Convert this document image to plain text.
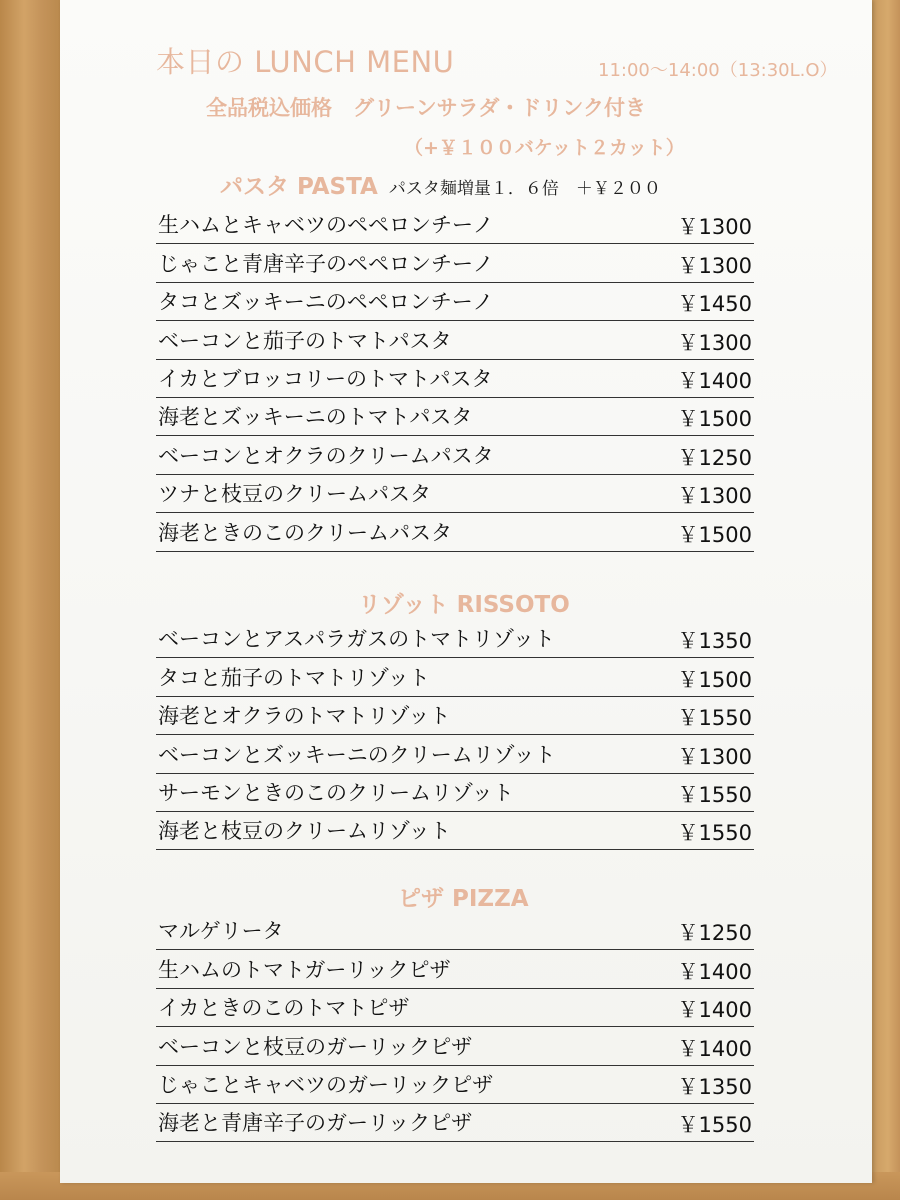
本日の LUNCH MENU	11:00～14:00（13:30L.O）
全品税込価格　グリーンサラダ・ドリンク付き
（+￥１００バケット２カット）
パスタ PASTA パスタ麺増量１．６倍　＋￥２００
生ハムとキャベツのペペロンチーノ	￥1300
じゃこと青唐辛子のペペロンチーノ	￥1300
タコとズッキーニのペペロンチーノ	￥1450
ベーコンと茄子のトマトパスタ	￥1300
イカとブロッコリーのトマトパスタ	￥1400
海老とズッキーニのトマトパスタ	￥1500
ベーコンとオクラのクリームパスタ	￥1250
ツナと枝豆のクリームパスタ	￥1300
海老ときのこのクリームパスタ	￥1500
リゾット RISSOTO
ベーコンとアスパラガスのトマトリゾット	￥1350
タコと茄子のトマトリゾット	￥1500
海老とオクラのトマトリゾット	￥1550
ベーコンとズッキーニのクリームリゾット	￥1300
サーモンときのこのクリームリゾット	￥1550
海老と枝豆のクリームリゾット	￥1550
ピザ PIZZA
マルゲリータ	￥1250
生ハムのトマトガーリックピザ	￥1400
イカときのこのトマトピザ	￥1400
ベーコンと枝豆のガーリックピザ	￥1400
じゃことキャベツのガーリックピザ	￥1350
海老と青唐辛子のガーリックピザ	￥1550
